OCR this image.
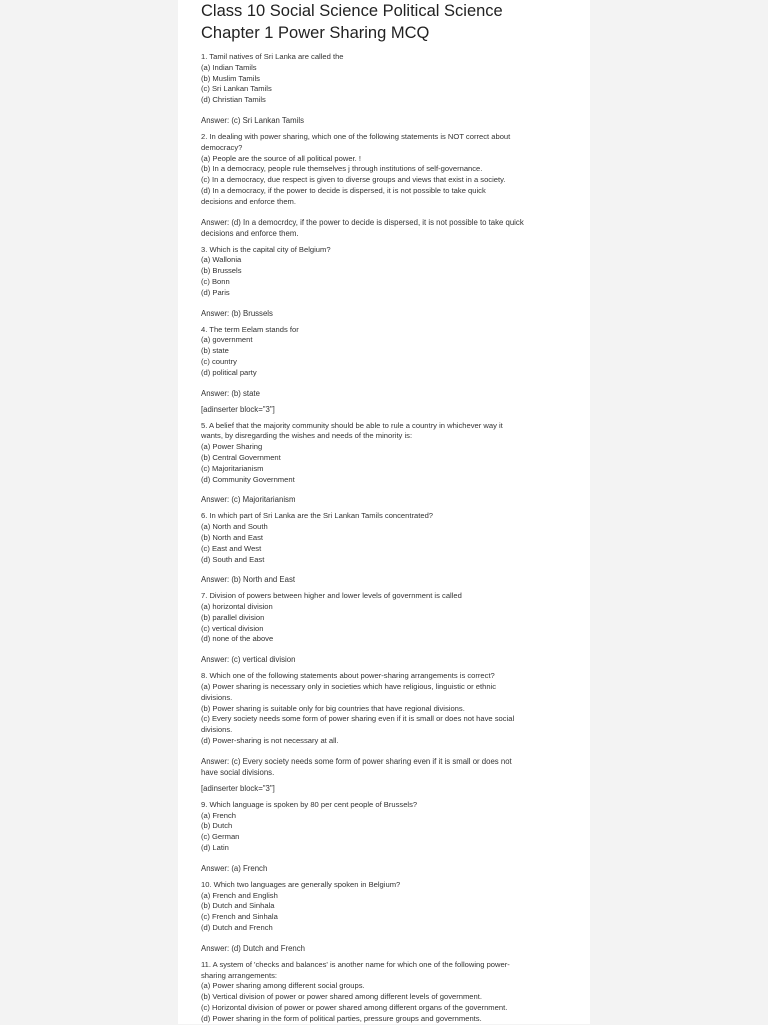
Class 10 Social Science Political Science
Chapter 1 Power Sharing MCQ
1. Tamil natives of Sri Lanka are called the
(a) Indian Tamils
(b) Muslim Tamils
(c) Sri Lankan Tamils
(d) Christian Tamils
Answer: (c) Sri Lankan Tamils
2. In dealing with power sharing, which one of the following statements is NOT correct about
democracy?
(a) People are the source of all political power. !
(b) In a democracy, people rule themselves j through institutions of self-governance.
(c) In a democracy, due respect is given to diverse groups and views that exist in a society.
(d) In a democracy, if the power to decide is dispersed, it is not possible to take quick
decisions and enforce them.
Answer: (d) In a democrdcy, if the power to decide is dispersed, it is not possible to take quick
decisions and enforce them.
3. Which is the capital city of Belgium?
(a) Wallonia
(b) Brussels
(c) Bonn
(d) Paris
Answer: (b) Brussels
4. The term Eelam stands for
(a) government
(b) state
(c) country
(d) political party
Answer: (b) state
[adinserter block="3"]
5. A belief that the majority community should be able to rule a country in whichever way it
wants, by disregarding the wishes and needs of the minority is:
(a) Power Sharing
(b) Central Government
(c) Majoritarianism
(d) Community Government
Answer: (c) Majoritarianism
6. In which part of Sri Lanka are the Sri Lankan Tamils concentrated?
(a) North and South
(b) North and East
(c) East and West
(d) South and East
Answer: (b) North and East
7. Division of powers between higher and lower levels of government is called
(a) horizontal division
(b) parallel division
(c) vertical division
(d) none of the above
Answer: (c) vertical division
8. Which one of the following statements about power-sharing arrangements is correct?
(a) Power sharing is necessary only in societies which have religious, linguistic or ethnic
divisions.
(b) Power sharing is suitable only for big countries that have regional divisions.
(c) Every society needs some form of power sharing even if it is small or does not have social
divisions.
(d) Power-sharing is not necessary at all.
Answer: (c) Every society needs some form of power sharing even if it is small or does not
have social divisions.
[adinserter block="3"]
9. Which language is spoken by 80 per cent people of Brussels?
(a) French
(b) Dutch
(c) German
(d) Latin
Answer: (a) French
10. Which two languages are generally spoken in Belgium?
(a) French and English
(b) Dutch and Sinhala
(c) French and Sinhala
(d) Dutch and French
Answer: (d) Dutch and French
11. A system of 'checks and balances' is another name for which one of the following power-
sharing arrangements:
(a) Power sharing among different social groups.
(b) Vertical division of power or power shared among different levels of government.
(c) Horizontal division of power or power shared among different organs of the government.
(d) Power sharing in the form of political parties, pressure groups and governments.
